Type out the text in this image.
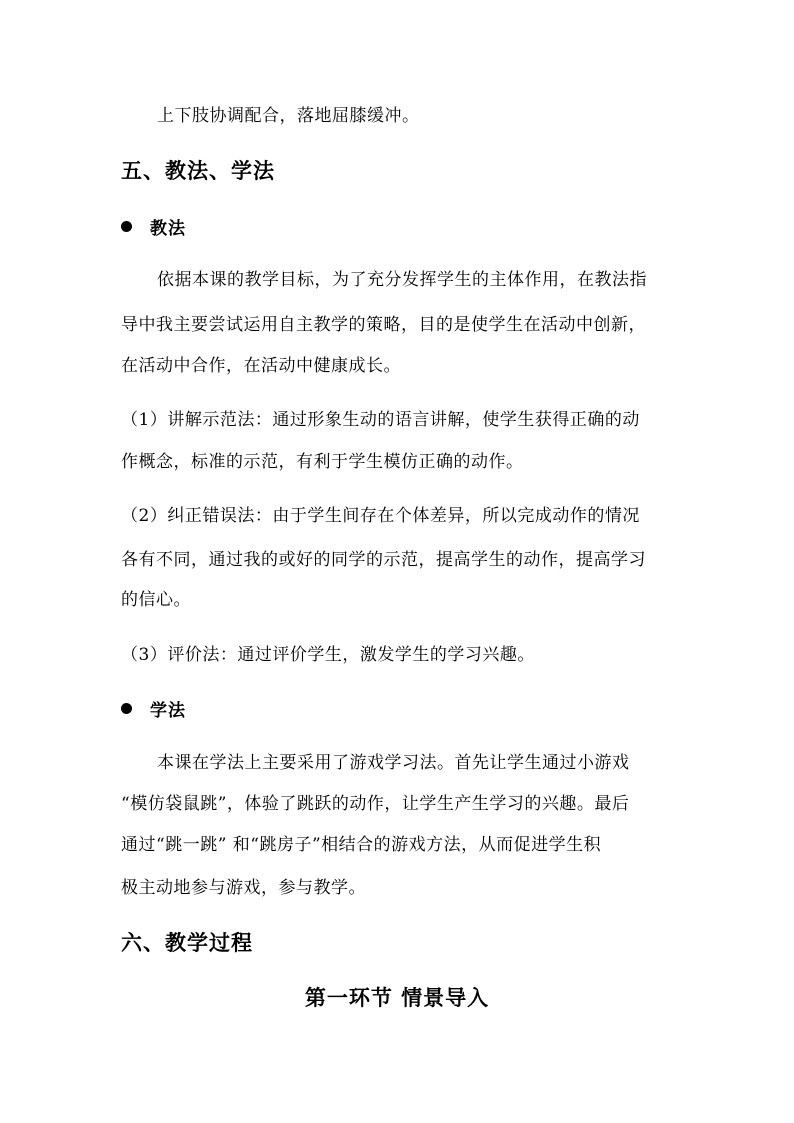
上下肢协调配合，落地屈膝缓冲。
五、教法、学法
教法
依据本课的教学目标，为了充分发挥学生的主体作用，在教法指
导中我主要尝试运用自主教学的策略，目的是使学生在活动中创新，
在活动中合作，在活动中健康成长。
（1）讲解示范法：通过形象生动的语言讲解，使学生获得正确的动
作概念，标准的示范，有利于学生模仿正确的动作。
（2）纠正错误法：由于学生间存在个体差异，所以完成动作的情况
各有不同，通过我的或好的同学的示范，提高学生的动作，提高学习
的信心。
（3）评价法：通过评价学生，激发学生的学习兴趣。
学法
本课在学法上主要采用了游戏学习法。首先让学生通过小游戏
“模仿袋鼠跳”，体验了跳跃的动作，让学生产生学习的兴趣。最后
通过“跳一跳” 和“跳房子”相结合的游戏方法，从而促进学生积
极主动地参与游戏，参与教学。
六、教学过程
第一环节 情景导入
